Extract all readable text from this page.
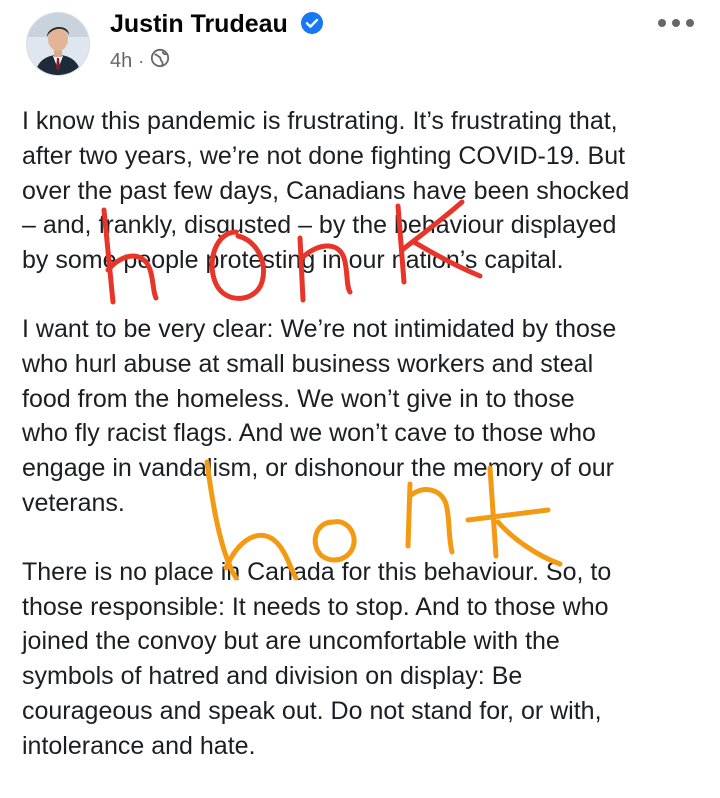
Justin Trudeau
4h ·

I know this pandemic is frustrating. It’s frustrating that,
after two years, we’re not done fighting COVID-19. But
over the past few days, Canadians have been shocked
– and, frankly, disgusted – by the behaviour displayed
by some people protesting in our nation’s capital.

I want to be very clear: We’re not intimidated by those
who hurl abuse at small business workers and steal
food from the homeless. We won’t give in to those
who fly racist flags. And we won’t cave to those who
engage in vandalism, or dishonour the memory of our
veterans.

There is no place in Canada for this behaviour. So, to
those responsible: It needs to stop. And to those who
joined the convoy but are uncomfortable with the
symbols of hatred and division on display: Be
courageous and speak out. Do not stand for, or with,
intolerance and hate.
